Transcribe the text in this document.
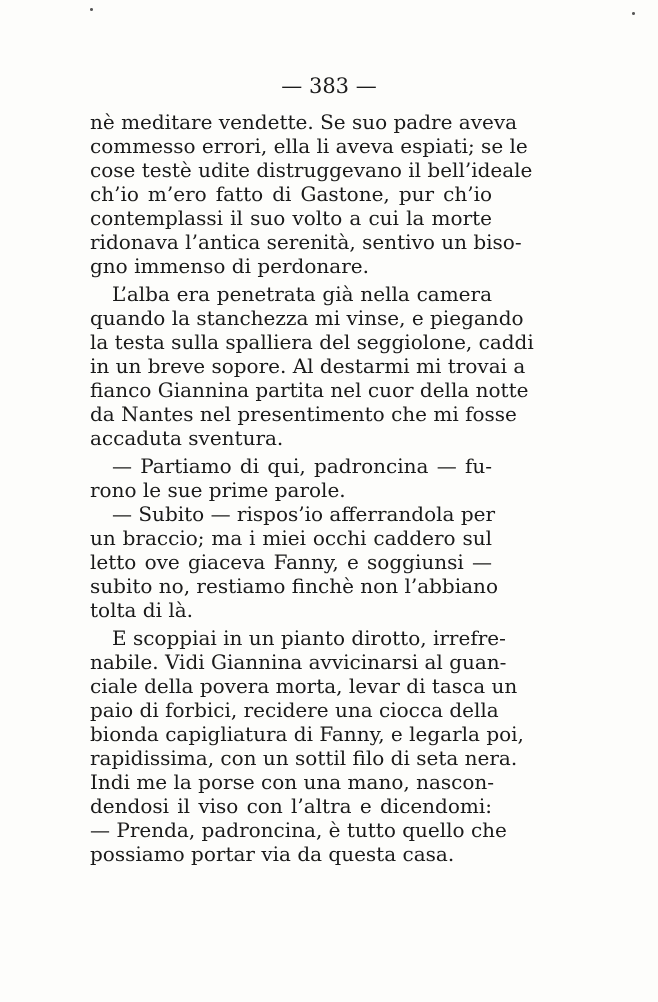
— 383 —

nè meditare vendette. Se suo padre aveva

commesso errori, ella li aveva espiati; se le

cose testè udite distruggevano il bell’ideale

ch’io m’ero fatto di Gastone, pur ch’io

contemplassi il suo volto a cui la morte

ridonava l’antica serenità, sentivo un biso-

gno immenso di perdonare.

L’alba era penetrata già nella camera

quando la stanchezza mi vinse, e piegando

la testa sulla spalliera del seggiolone, caddi

in un breve sopore. Al destarmi mi trovai a

fianco Giannina partita nel cuor della notte

da Nantes nel presentimento che mi fosse

accaduta sventura.

— Partiamo di qui, padroncina — fu-

rono le sue prime parole.

— Subito — rispos’io afferrandola per

un braccio; ma i miei occhi caddero sul

letto ove giaceva Fanny, e soggiunsi —

subito no, restiamo finchè non l’abbiano

tolta di là.

E scoppiai in un pianto dirotto, irrefre-

nabile. Vidi Giannina avvicinarsi al guan-

ciale della povera morta, levar di tasca un

paio di forbici, recidere una ciocca della

bionda capigliatura di Fanny, e legarla poi,

rapidissima, con un sottil filo di seta nera.

Indi me la porse con una mano, nascon-

dendosi il viso con l’altra e dicendomi:

— Prenda, padroncina, è tutto quello che

possiamo portar via da questa casa.
